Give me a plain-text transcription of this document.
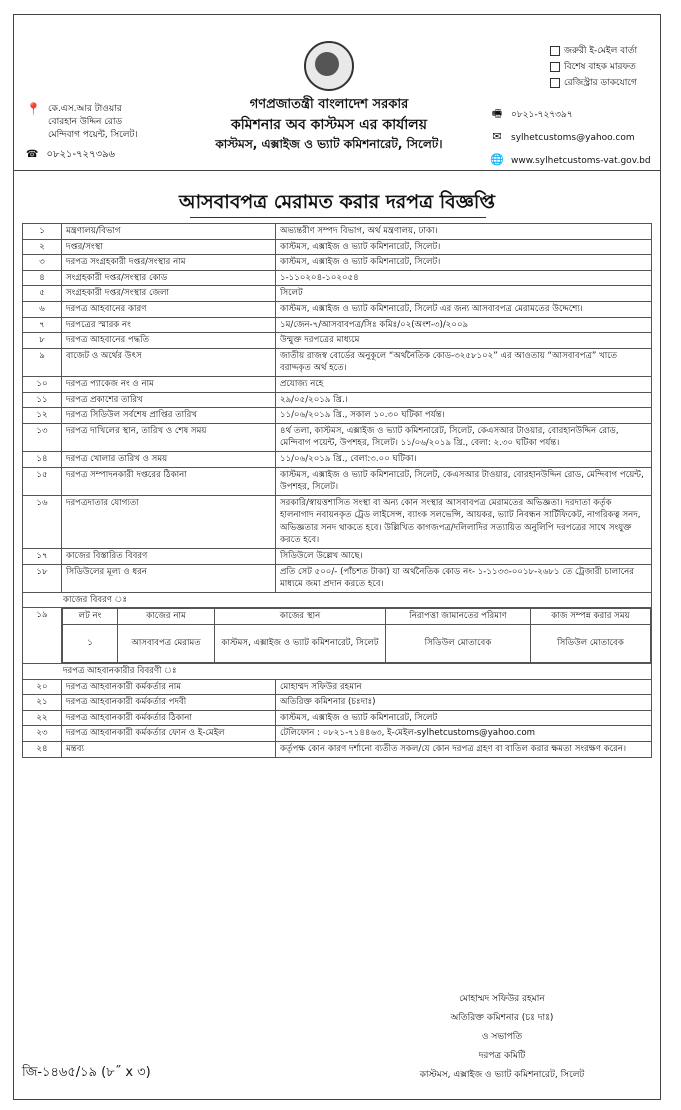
📍 কে.এস.আর টাওয়ার
বোরহান উদ্দিন রোড
মেন্দিবাগ পয়েন্ট, সিলেট।
☎ ০৮২১-৭২৭৩৯৬
গণপ্রজাতন্ত্রী বাংলাদেশ সরকার
কমিশনার অব কাস্টমস এর কার্যালয়
কাস্টমস, এক্সাইজ ও ভ্যাট কমিশনারেট, সিলেট।
জরুরী ই-মেইল বার্তা
বিশেষ বাহক মারফত
রেজিস্ট্রার ডাকযোগে
🖷 ০৮২১-৭২৭৩৯৭
✉ sylhetcustoms@yahoo.com
🌐 www.sylhetcustoms-vat.gov.bd
আসবাবপত্র মেরামত করার দরপত্র বিজ্ঞপ্তি
১	মন্ত্রণালয়/বিভাগ	অভ্যন্তরীণ সম্পদ বিভাগ, অর্থ মন্ত্রণালয়, ঢাকা।
২	দপ্তর/সংস্থা	কাস্টমস, এক্সাইজ ও ভ্যাট কমিশনারেট, সিলেট।
৩	দরপত্র সংগ্রহকারী দপ্তর/সংস্থার নাম	কাস্টমস, এক্সাইজ ও ভ্যাট কমিশনারেট, সিলেট।
৪	সংগ্রহকারী দপ্তর/সংস্থার কোড	১-১১০২০৪-১০২০৫৪
৫	সংগ্রহকারী দপ্তর/সংস্থার জেলা	সিলেট
৬	দরপত্র আহবানের কারণ	কাস্টমস, এক্সাইজ ও ভ্যাট কমিশনারেট, সিলেট এর জন্য আসবাবপত্র মেরামতের উদ্দেশ্যে।
৭	দরপত্রের স্মারক নং	১ম/জেন-৭/আসবাবপত্র/সিঃ কমিঃ/০২(অংশ-৩)/২০০৯
৮	দরপত্র আহবানের পদ্ধতি	উন্মুক্ত দরপত্রের মাধ্যমে
৯	বাজেট ও অর্থের উৎস	জাতীয় রাজস্ব বোর্ডের অনুকূলে “অর্থনৈতিক কোড-৩২৫৮১০২” এর আওতায় “আসবাবপত্র” খাতে বরাদ্দকৃত অর্থ হতে।
১০	দরপত্র প্যাকেজ নং ও নাম	প্রযোজ্য নহে
১১	দরপত্র প্রকাশের তারিখ	২৯/০৫/২০১৯ খ্রি.।
১২	দরপত্র সিডিউল সর্বশেষ প্রাপ্তির তারিখ	১১/০৬/২০১৯ খ্রি., সকাল ১০.৩০ ঘটিকা পর্যন্ত।
১৩	দরপত্র দাখিলের স্থান, তারিখ ও শেষ সময়	৪র্থ তলা, কাস্টমস, এক্সাইজ ও ভ্যাট কমিশনারেট, সিলেট, কেএসআর টাওয়ার, বোরহানউদ্দিন রোড, মেন্দিবাগ পয়েন্ট, উপশহর, সিলেট। ১১/০৬/২০১৯ খ্রি., বেলা: ২.৩০ ঘটিকা পর্যন্ত।
১৪	দরপত্র খোলার তারিখ ও সময়	১১/০৬/২০১৯ খ্রি., বেলা:৩.০০ ঘটিকা।
১৫	দরপত্র সম্পাদনকারী দপ্তরের ঠিকানা	কাস্টমস, এক্সাইজ ও ভ্যাট কমিশনারেট, সিলেট, কেএসআর টাওয়ার, বোরহানউদ্দিন রোড, মেন্দিবাগ পয়েন্ট, উপশহর, সিলেট।
১৬	দরপত্রদাতার যোগ্যতা	সরকারি/স্বায়ত্তশাসিত সংস্থা বা অন্য কোন সংস্থার আসবাবপত্র মেরামতের অভিজ্ঞতা। দরদাতা কর্তৃক হালনাগাদ নবায়নকৃত ট্রেড লাইসেন্স, ব্যাংক সলভেন্সি, আয়কর, ভ্যাট নিবন্ধন সার্টিফিকেট, নাগরিকত্ব সনদ, অভিজ্ঞতার সনদ থাকতে হবে। উল্লিখিত কাগজপত্র/দলিলাদির সত্যায়িত অনুলিপি দরপত্রের সাথে সংযুক্ত করতে হবে।
১৭	কাজের বিস্তারিত বিবরণ	সিডিউলে উল্লেখ আছে।
১৮	সিডিউলের মূল্য ও ধরন	প্রতি সেট ৫০০/- (পাঁচশত টাকা) যা অর্থনৈতিক কোড নং- ১-১১৩৩-০০১৮-২৬৮১ তে ট্রেজারী চালানের মাধ্যমে জমা প্রদান করতে হবে।
কাজের বিবরণ ঃ
১৯		লট নং	কাজের নাম	কাজের স্থান	নিরাপত্তা জামানতের পরিমাণ	কাজ সম্পন্ন করার সময়
১	আসবাবপত্র মেরামত	কাস্টমস, এক্সাইজ ও ভ্যাট কমিশনারেট, সিলেট	সিডিউল মোতাবেক	সিডিউল মোতাবেক

দরপত্র আহবানকারীর বিবরণী ঃ
২০	দরপত্র আহবানকারী কর্মকর্তার নাম	মোহাম্মদ সফিউর রহমান
২১	দরপত্র আহবানকারী কর্মকর্তার পদবী	অতিরিক্ত কমিশনার (চঃদাঃ)
২২	দরপত্র আহবানকারী কর্মকর্তার ঠিকানা	কাস্টমস, এক্সাইজ ও ভ্যাট কমিশনারেট, সিলেট
২৩	দরপত্র আহবানকারী কর্মকর্তার ফোন ও ই-মেইল	টেলিফোন : ০৮২১-৭১৪৪৬৩, ই-মেইল-sylhetcustoms@yahoo.com
২৪	মন্তব্য	কর্তৃপক্ষ কোন কারণ দর্শানো ব্যতীত সকল/যে কোন দরপত্র গ্রহণ বা বাতিল করার ক্ষমতা সংরক্ষণ করেন।
মোহাম্মদ সফিউর রহমান
অতিরিক্ত কমিশনার (চঃ দাঃ)
ও সভাপতি
দরপত্র কমিটি
কাস্টমস, এক্সাইজ ও ভ্যাট কমিশনারেট, সিলেট
জি-১৪৬৫/১৯ (৮˝ x ৩)
